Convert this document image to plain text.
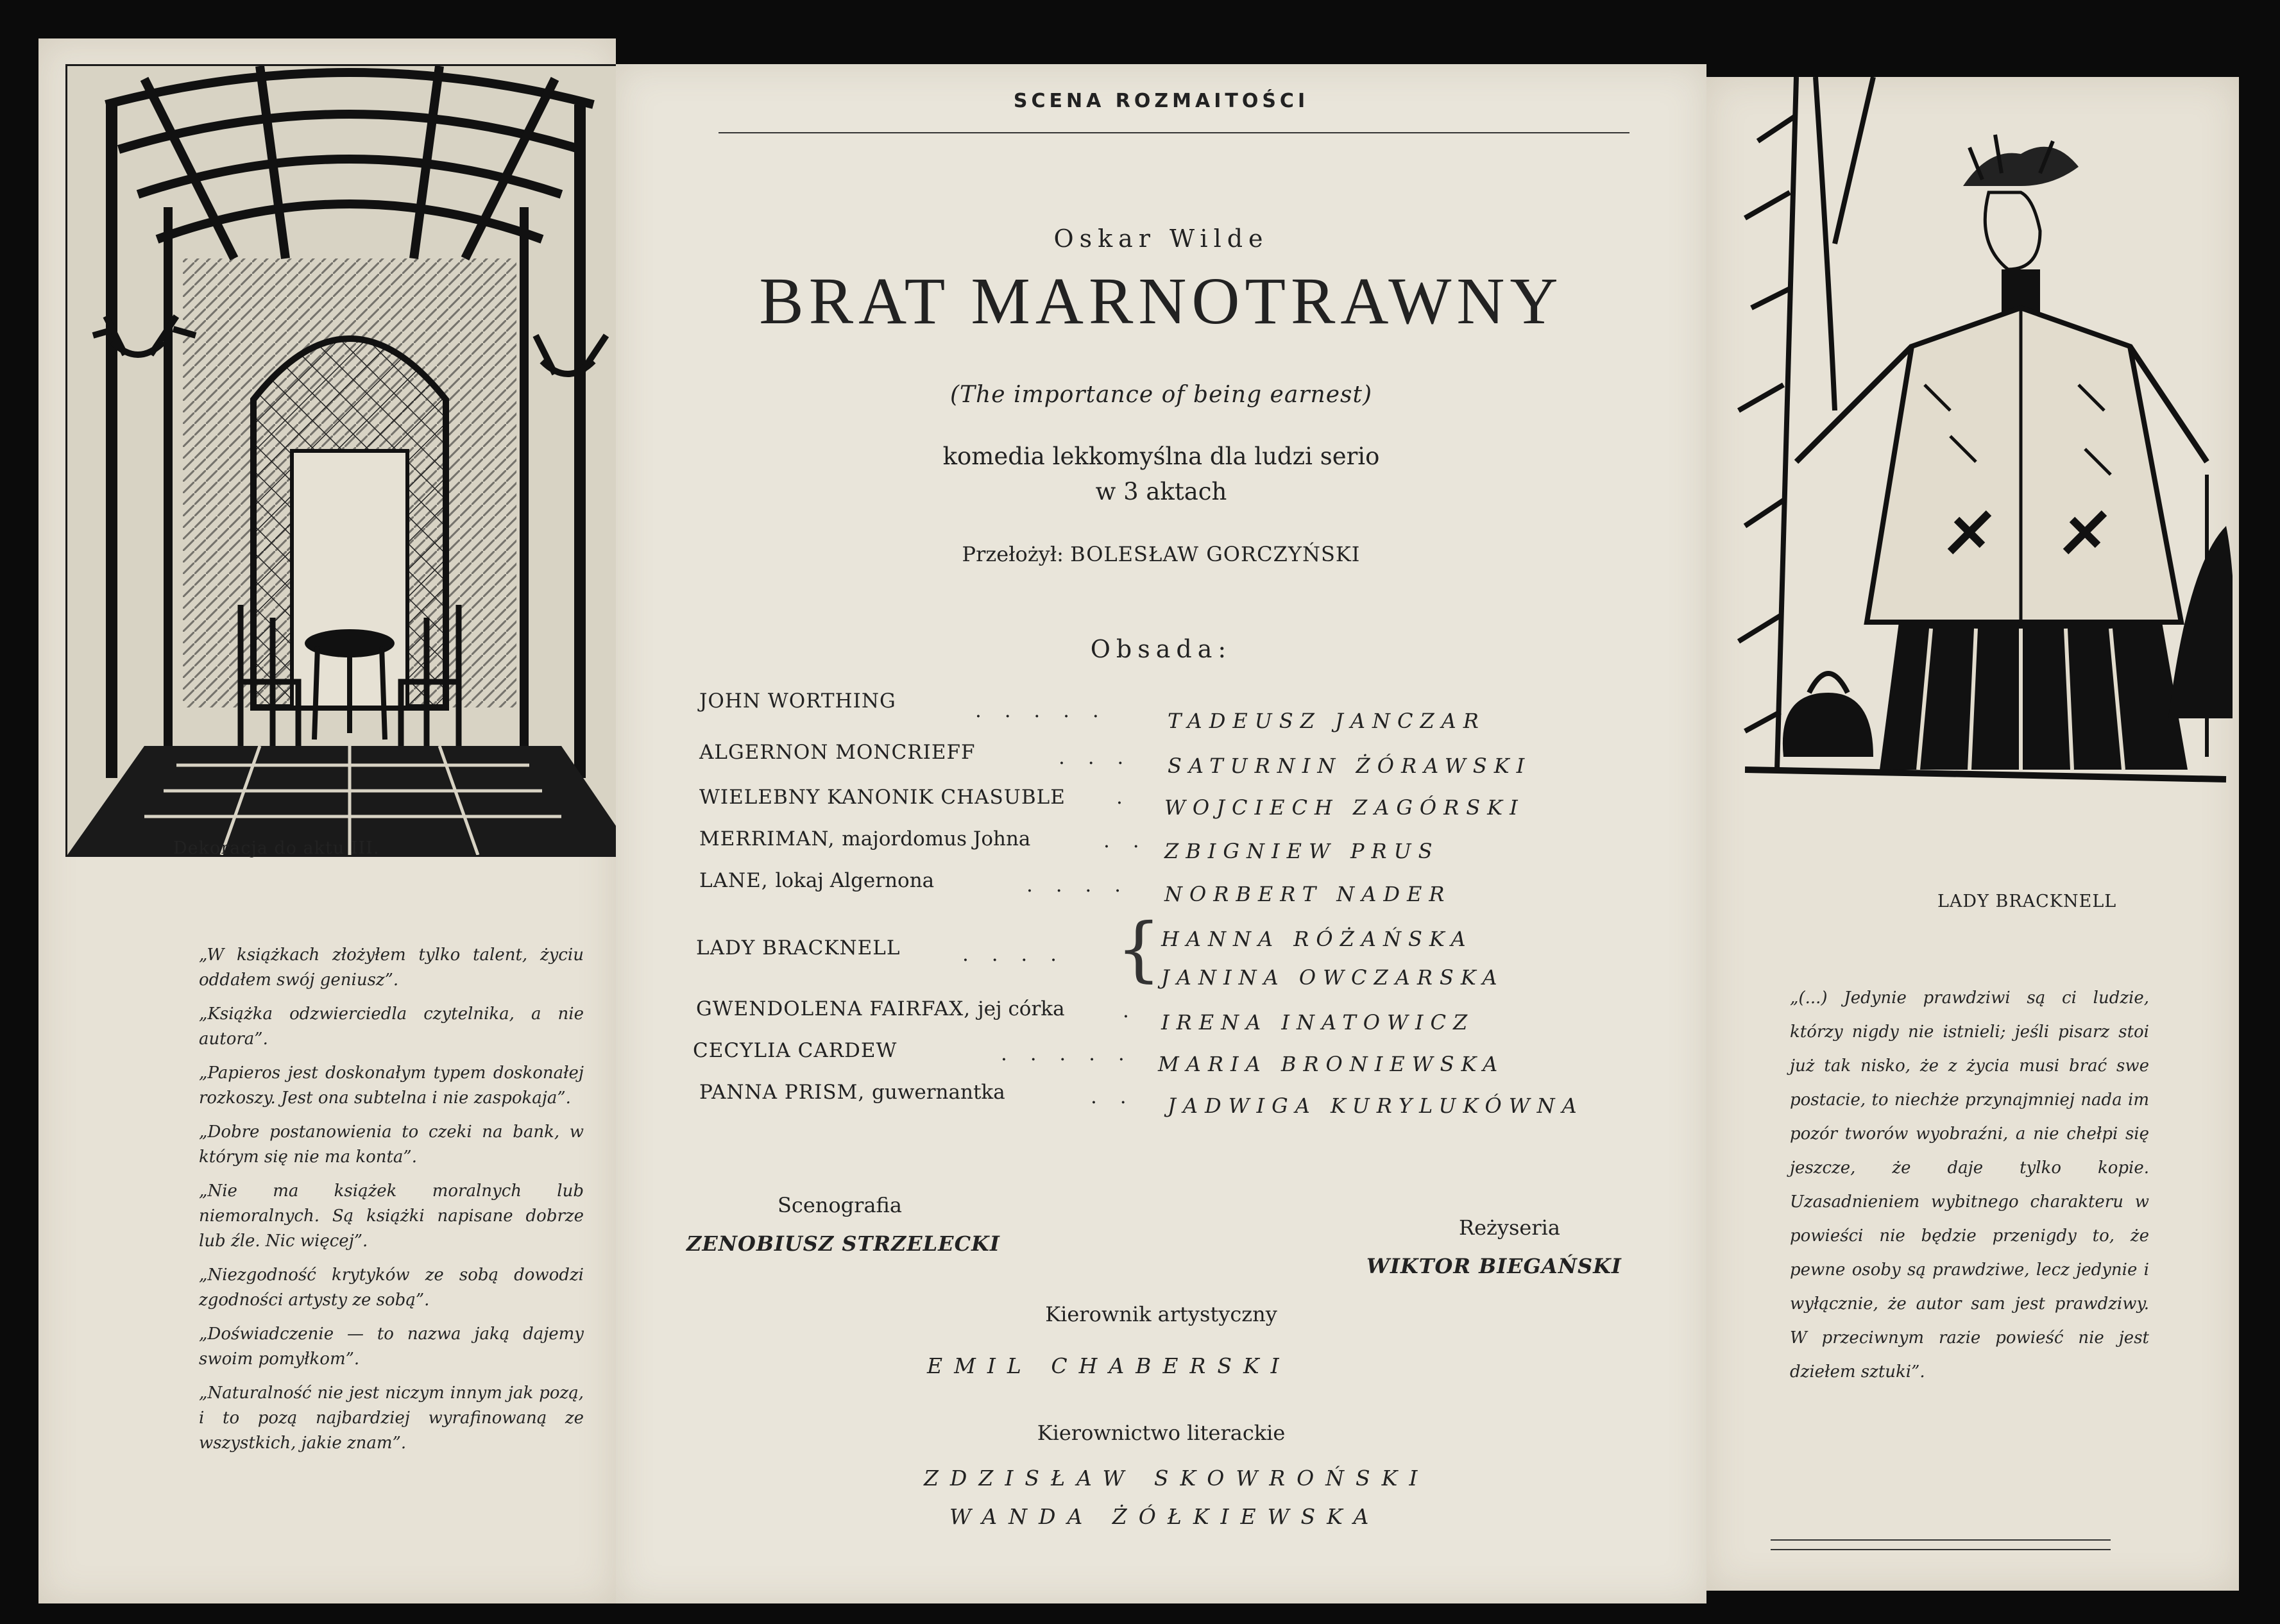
Dekoracja do aktu III.

„W książkach złożyłem tylko talent, życiu oddałem swój geniusz”.

„Książka odzwierciedla czytelnika, a nie autora”.

„Papieros jest doskonałym typem doskonałej rozkoszy. Jest ona subtelna i nie zaspokaja”.

„Dobre postanowienia to czeki na bank, w którym się nie ma konta”.

„Nie ma książek moralnych lub niemoralnych. Są książki napisane dobrze lub źle. Nic więcej”.

„Niezgodność krytyków ze sobą dowodzi zgodności artysty ze sobą”.

„Doświadczenie — to nazwa jaką dajemy swoim pomyłkom”.

„Naturalność nie jest niczym innym jak pozą, i to pozą najbardziej wyrafinowaną ze wszystkich, jakie znam”.

SCENA ROZMAITOŚCI
Oskar Wilde
BRAT MARNOTRAWNY
(The importance of being earnest)
komedia lekkomyślna dla ludzi serio
w 3 aktach
Przełożył: BOLESŁAW GORCZYŃSKI
Obsada:
JOHN WORTHING	. . . . .	TADEUSZ JANCZAR
ALGERNON MONCRIEFF	. . . SATURNIN ŻÓRAWSKI
WIELEBNY KANONIK CHASUBLE	. WOJCIECH ZAGÓRSKI
MERRIMAN, majordomus Johna	. . ZBIGNIEW PRUS
LANE, lokaj Algernona	. . . . NORBERT NADER
LADY BRACKNELL	. . . . { HANNA RÓŻAŃSKA
JANINA OWCZARSKA
GWENDOLENA FAIRFAX, jej córka	. IRENA INATOWICZ
CECYLIA CARDEW	. . . . . MARIA BRONIEWSKA
PANNA PRISM, guwernantka	. . JADWIGA KURYLUKÓWNA
Scenografia
ZENOBIUSZ STRZELECKI
Reżyseria
WIKTOR BIEGAŃSKI
Kierownik artystyczny
EMIL CHABERSKI
Kierownictwo literackie
ZDZISŁAW SKOWROŃSKI
WANDA ŻÓŁKIEWSKA
LADY BRACKNELL
„(...) Jedynie prawdziwi są ci ludzie, którzy nigdy nie istnieli; jeśli pisarz stoi już tak nisko, że z życia musi brać swe postacie, to niechże przynajmniej nada im pozór tworów wyobraźni, a nie chełpi się jeszcze, że daje tylko kopie. Uzasadnieniem wybitnego charakteru w powieści nie będzie przenigdy to, że pewne osoby są prawdziwe, lecz jedynie i wyłącznie, że autor sam jest prawdziwy. W przeciwnym razie powieść nie jest dziełem sztuki”.
